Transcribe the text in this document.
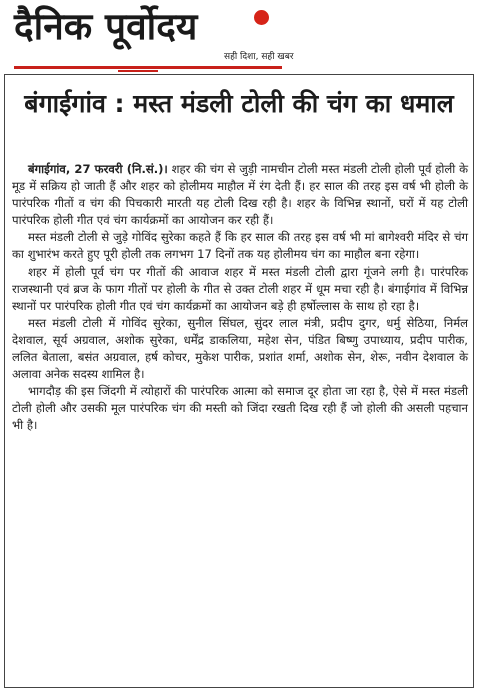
दैनिक पूर्वोदय
सही दिशा, सही खबर
बंगाईगांव : मस्त मंडली टोली की चंग का धमाल

बंगाईगांव, 27 फरवरी (नि.सं.)। शहर की चंग से जुड़ी नामचीन टोली मस्त मंडली टोली होली पूर्व होली के मूड में सक्रिय हो जाती हैं और शहर को होलीमय माहौल में रंग देती हैं। हर साल की तरह इस वर्ष भी होली के पारंपरिक गीतों व चंग की पिचकारी मारती यह टोली दिख रही है। शहर के विभिन्न स्थानों, घरों में यह टोली पारंपरिक होली गीत एवं चंग कार्यक्रमों का आयोजन कर रही हैं।

मस्त मंडली टोली से जुड़े गोविंद सुरेका कहते हैं कि हर साल की तरह इस वर्ष भी मां बागेश्वरी मंदिर से चंग का शुभारंभ करते हुए पूरी होली तक लगभग 17 दिनों तक यह होलीमय चंग का माहौल बना रहेगा।

शहर में होली पूर्व चंग पर गीतों की आवाज शहर में मस्त मंडली टोली द्वारा गूंजने लगी है। पारंपरिक राजस्थानी एवं ब्रज के फाग गीतों पर होली के गीत से उक्त टोली शहर में धूम मचा रही है। बंगाईगांव में विभिन्न स्थानों पर पारंपरिक होली गीत एवं चंग कार्यक्रमों का आयोजन बड़े ही हर्षोल्लास के साथ हो रहा है।

मस्त मंडली टोली में गोविंद सुरेका, सुनील सिंघल, सुंदर लाल मंत्री, प्रदीप दुगर, धर्मु सेठिया, निर्मल देशवाल, सूर्य अग्रवाल, अशोक सुरेका, धर्मेंद्र डाकलिया, महेश सेन, पंडित बिष्णु उपाध्याय, प्रदीप पारीक, ललित बेताला, बसंत अग्रवाल, हर्ष कोचर, मुकेश पारीक, प्रशांत शर्मा, अशोक सेन, शेरू, नवीन देशवाल के अलावा अनेक सदस्य शामिल है।

भागदौड़ की इस जिंदगी में त्योहारों की पारंपरिक आत्मा को समाज दूर होता जा रहा है, ऐसे में मस्त मंडली टोली होली और उसकी मूल पारंपरिक चंग की मस्ती को जिंदा रखती दिख रही हैं जो होली की असली पहचान भी है।
